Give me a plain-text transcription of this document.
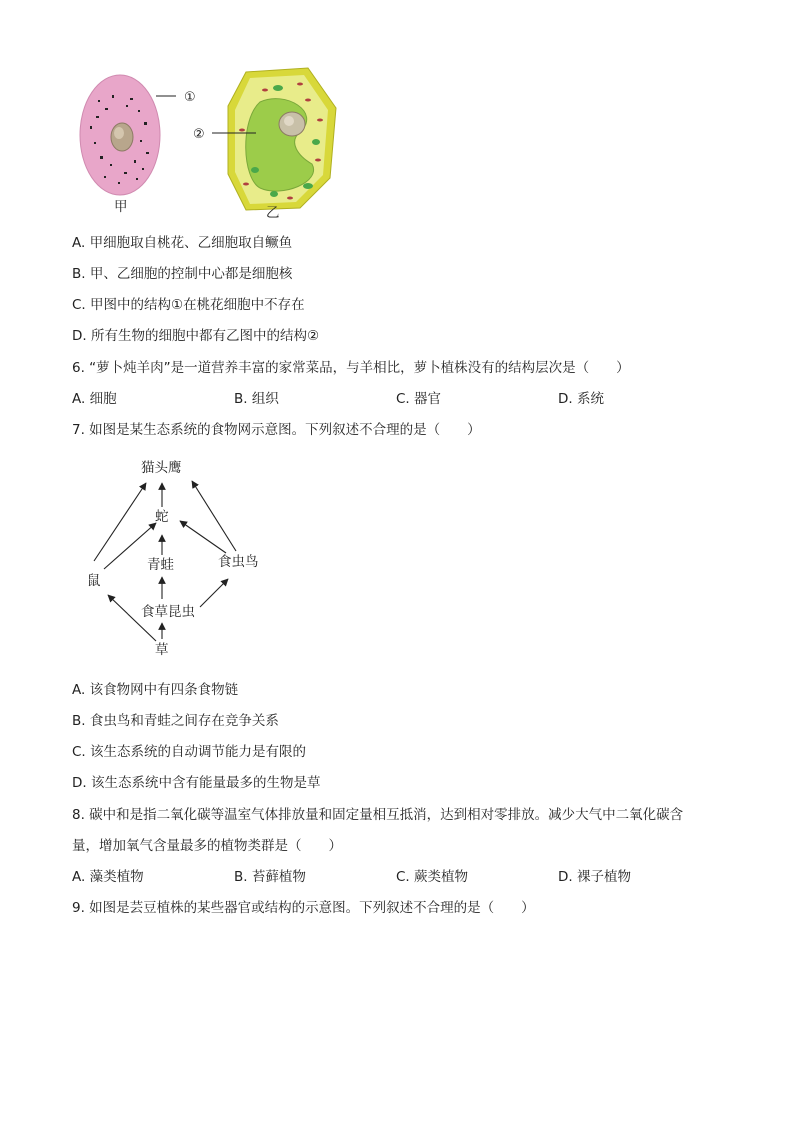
①
②
甲	乙
A. 甲细胞取自桃花、乙细胞取自鳜鱼
B. 甲、乙细胞的控制中心都是细胞核
C. 甲图中的结构①在桃花细胞中不存在
D. 所有生物的细胞中都有乙图中的结构②
6. “萝卜炖羊肉”是一道营养丰富的家常菜品，与羊相比，萝卜植株没有的结构层次是（　　）
A. 细胞	B. 组织	C. 器官	D. 系统
7. 如图是某生态系统的食物网示意图。下列叙述不合理的是（　　）
猫头鹰
蛇
青蛙	食虫鸟
鼠
食草昆虫
草
A. 该食物网中有四条食物链
B. 食虫鸟和青蛙之间存在竞争关系
C. 该生态系统的自动调节能力是有限的
D. 该生态系统中含有能量最多的生物是草
8. 碳中和是指二氧化碳等温室气体排放量和固定量相互抵消，达到相对零排放。减少大气中二氧化碳含
量，增加氧气含量最多的植物类群是（　　）
A. 藻类植物	B. 苔藓植物	C. 蕨类植物	D. 裸子植物
9. 如图是芸豆植株的某些器官或结构的示意图。下列叙述不合理的是（　　）
